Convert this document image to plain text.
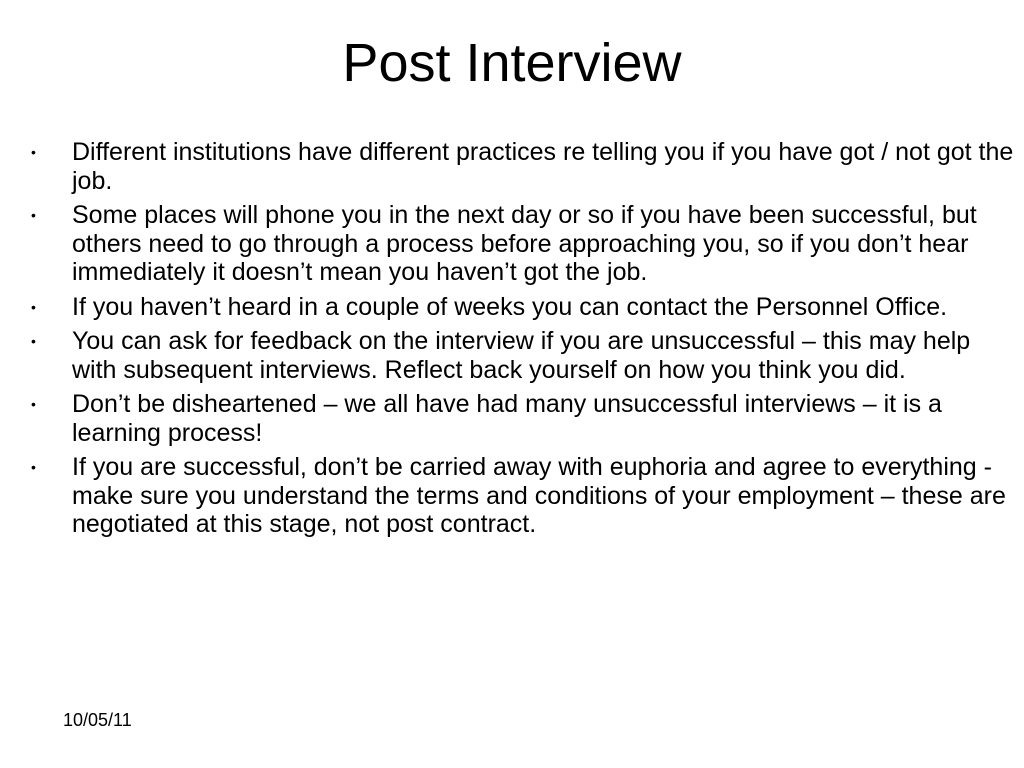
Post Interview
• Different institutions have different practices re telling you if you have got / not got the job.
• Some places will phone you in the next day or so if you have been successful, but others need to go through a process before approaching you, so if you don’t hear immediately it doesn’t mean you haven’t got the job.
• If you haven’t heard in a couple of weeks you can contact the Personnel Office.
• You can ask for feedback on the interview if you are unsuccessful – this may help with subsequent interviews. Reflect back yourself on how you think you did.
• Don’t be disheartened – we all have had many unsuccessful interviews – it is a learning process!
• If you are successful, don’t be carried away with euphoria and agree to everything - make sure you understand the terms and conditions of your employment – these are negotiated at this stage, not post contract.
10/05/11
